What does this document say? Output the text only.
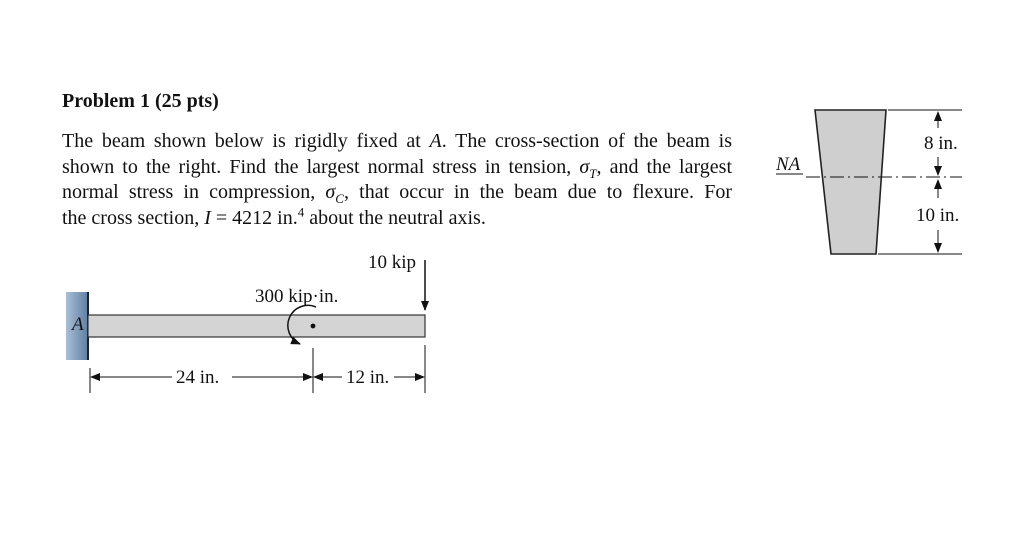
Problem 1 (25 pts)
The beam shown below is rigidly fixed at A. The cross-section of the beam is
shown to the right. Find the largest normal stress in tension, $\sigma_T$, and the largest
normal stress in compression, $\sigma_C$, that occur in the beam due to flexure. For
the cross section, I = 4212 in.$^4$ about the neutral axis.
A
10 kip
300 kip·in.
24 in.	12 in.
NA
8 in.
10 in.
